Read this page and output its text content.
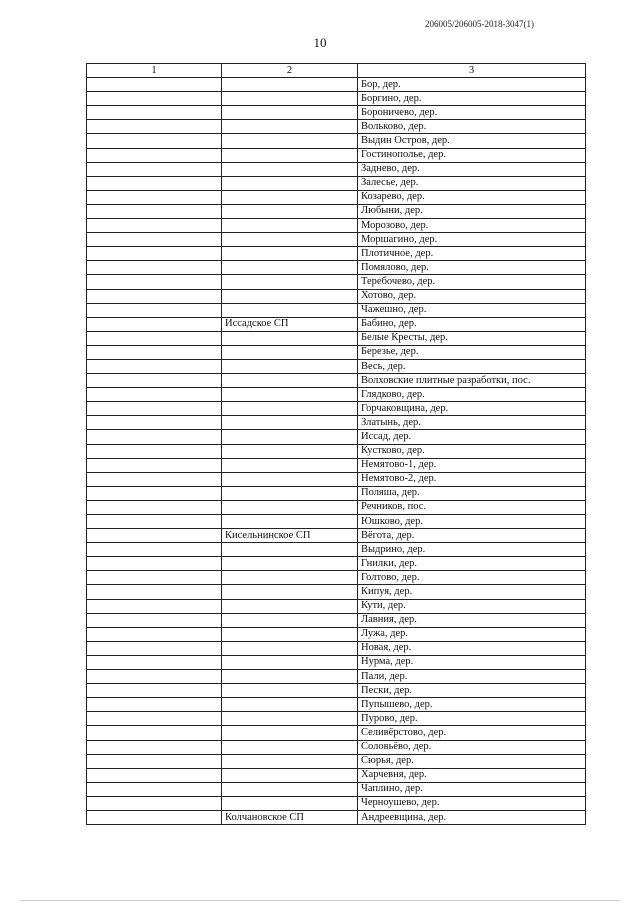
206005/206005-2018-3047(1)
10
1	2	3
		Бор, дер.
		Боргино, дер.
		Бороничево, дер.
		Вольково, дер.
		Выдин Остров, дер.
		Гостинополье, дер.
		Заднево, дер.
		Залесье, дер.
		Козарево, дер.
		Любыни, дер.
		Морозово, дер.
		Моршагино, дер.
		Плотичное, дер.
		Помялово, дер.
		Теребочево, дер.
		Хотово, дер.
		Чажешно, дер.
	Иссадское СП	Бабино, дер.
		Белые Кресты, дер.
		Березье, дер.
		Весь, дер.
		Волховские плитные разработки, пос.
		Глядково, дер.
		Горчаковщина, дер.
		Златынь, дер.
		Иссад, дер.
		Кустково, дер.
		Немятово-1, дер.
		Немятово-2, дер.
		Поляша, дер.
		Речников, пос.
		Юшково, дер.
	Кисельнинское СП	Вёгота, дер.
		Выдрино, дер.
		Гнилки, дер.
		Голтово, дер.
		Кипуя, дер.
		Кути, дер.
		Лавния, дер.
		Лужа, дер.
		Новая, дер.
		Нурма, дер.
		Пали, дер.
		Пески, дер.
		Пупышево, дер.
		Пурово, дер.
		Селивёрстово, дер.
		Соловьёво, дер.
		Сюрья, дер.
		Харчевня, дер.
		Чаплино, дер.
		Черноушево, дер.
	Колчановское СП	Андреевщина, дер.
